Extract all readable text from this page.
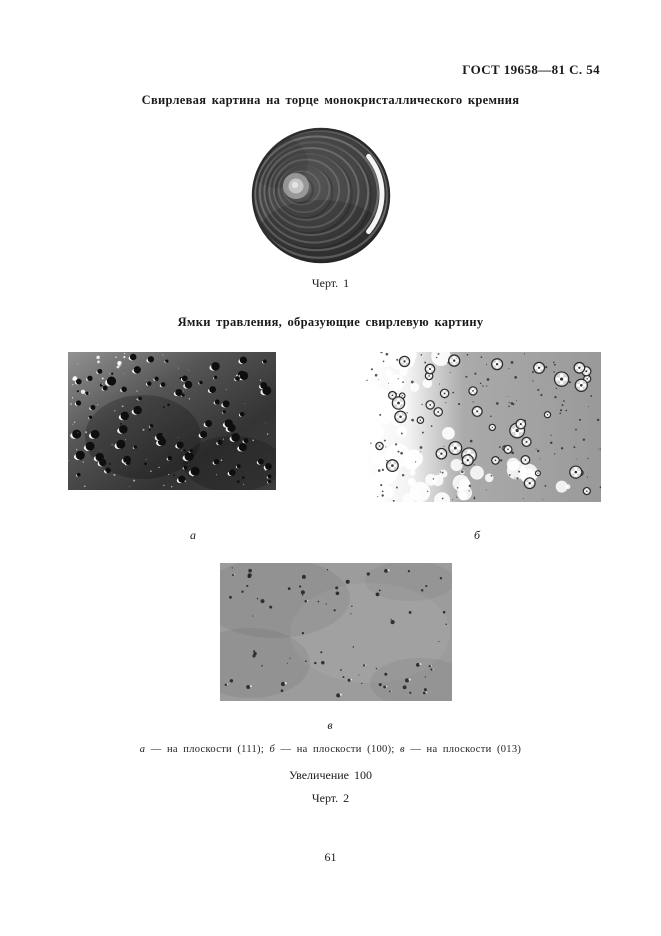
ГОСТ 19658—81 С. 54
Свирлевая картина на торце монокристаллического кремния
Черт. 1
Ямки травления, образующие свирлевую картину
а	б
в
а — на плоскости (111); б — на плоскости (100); в — на плоскости (013)
Увеличение 100
Черт. 2
61
